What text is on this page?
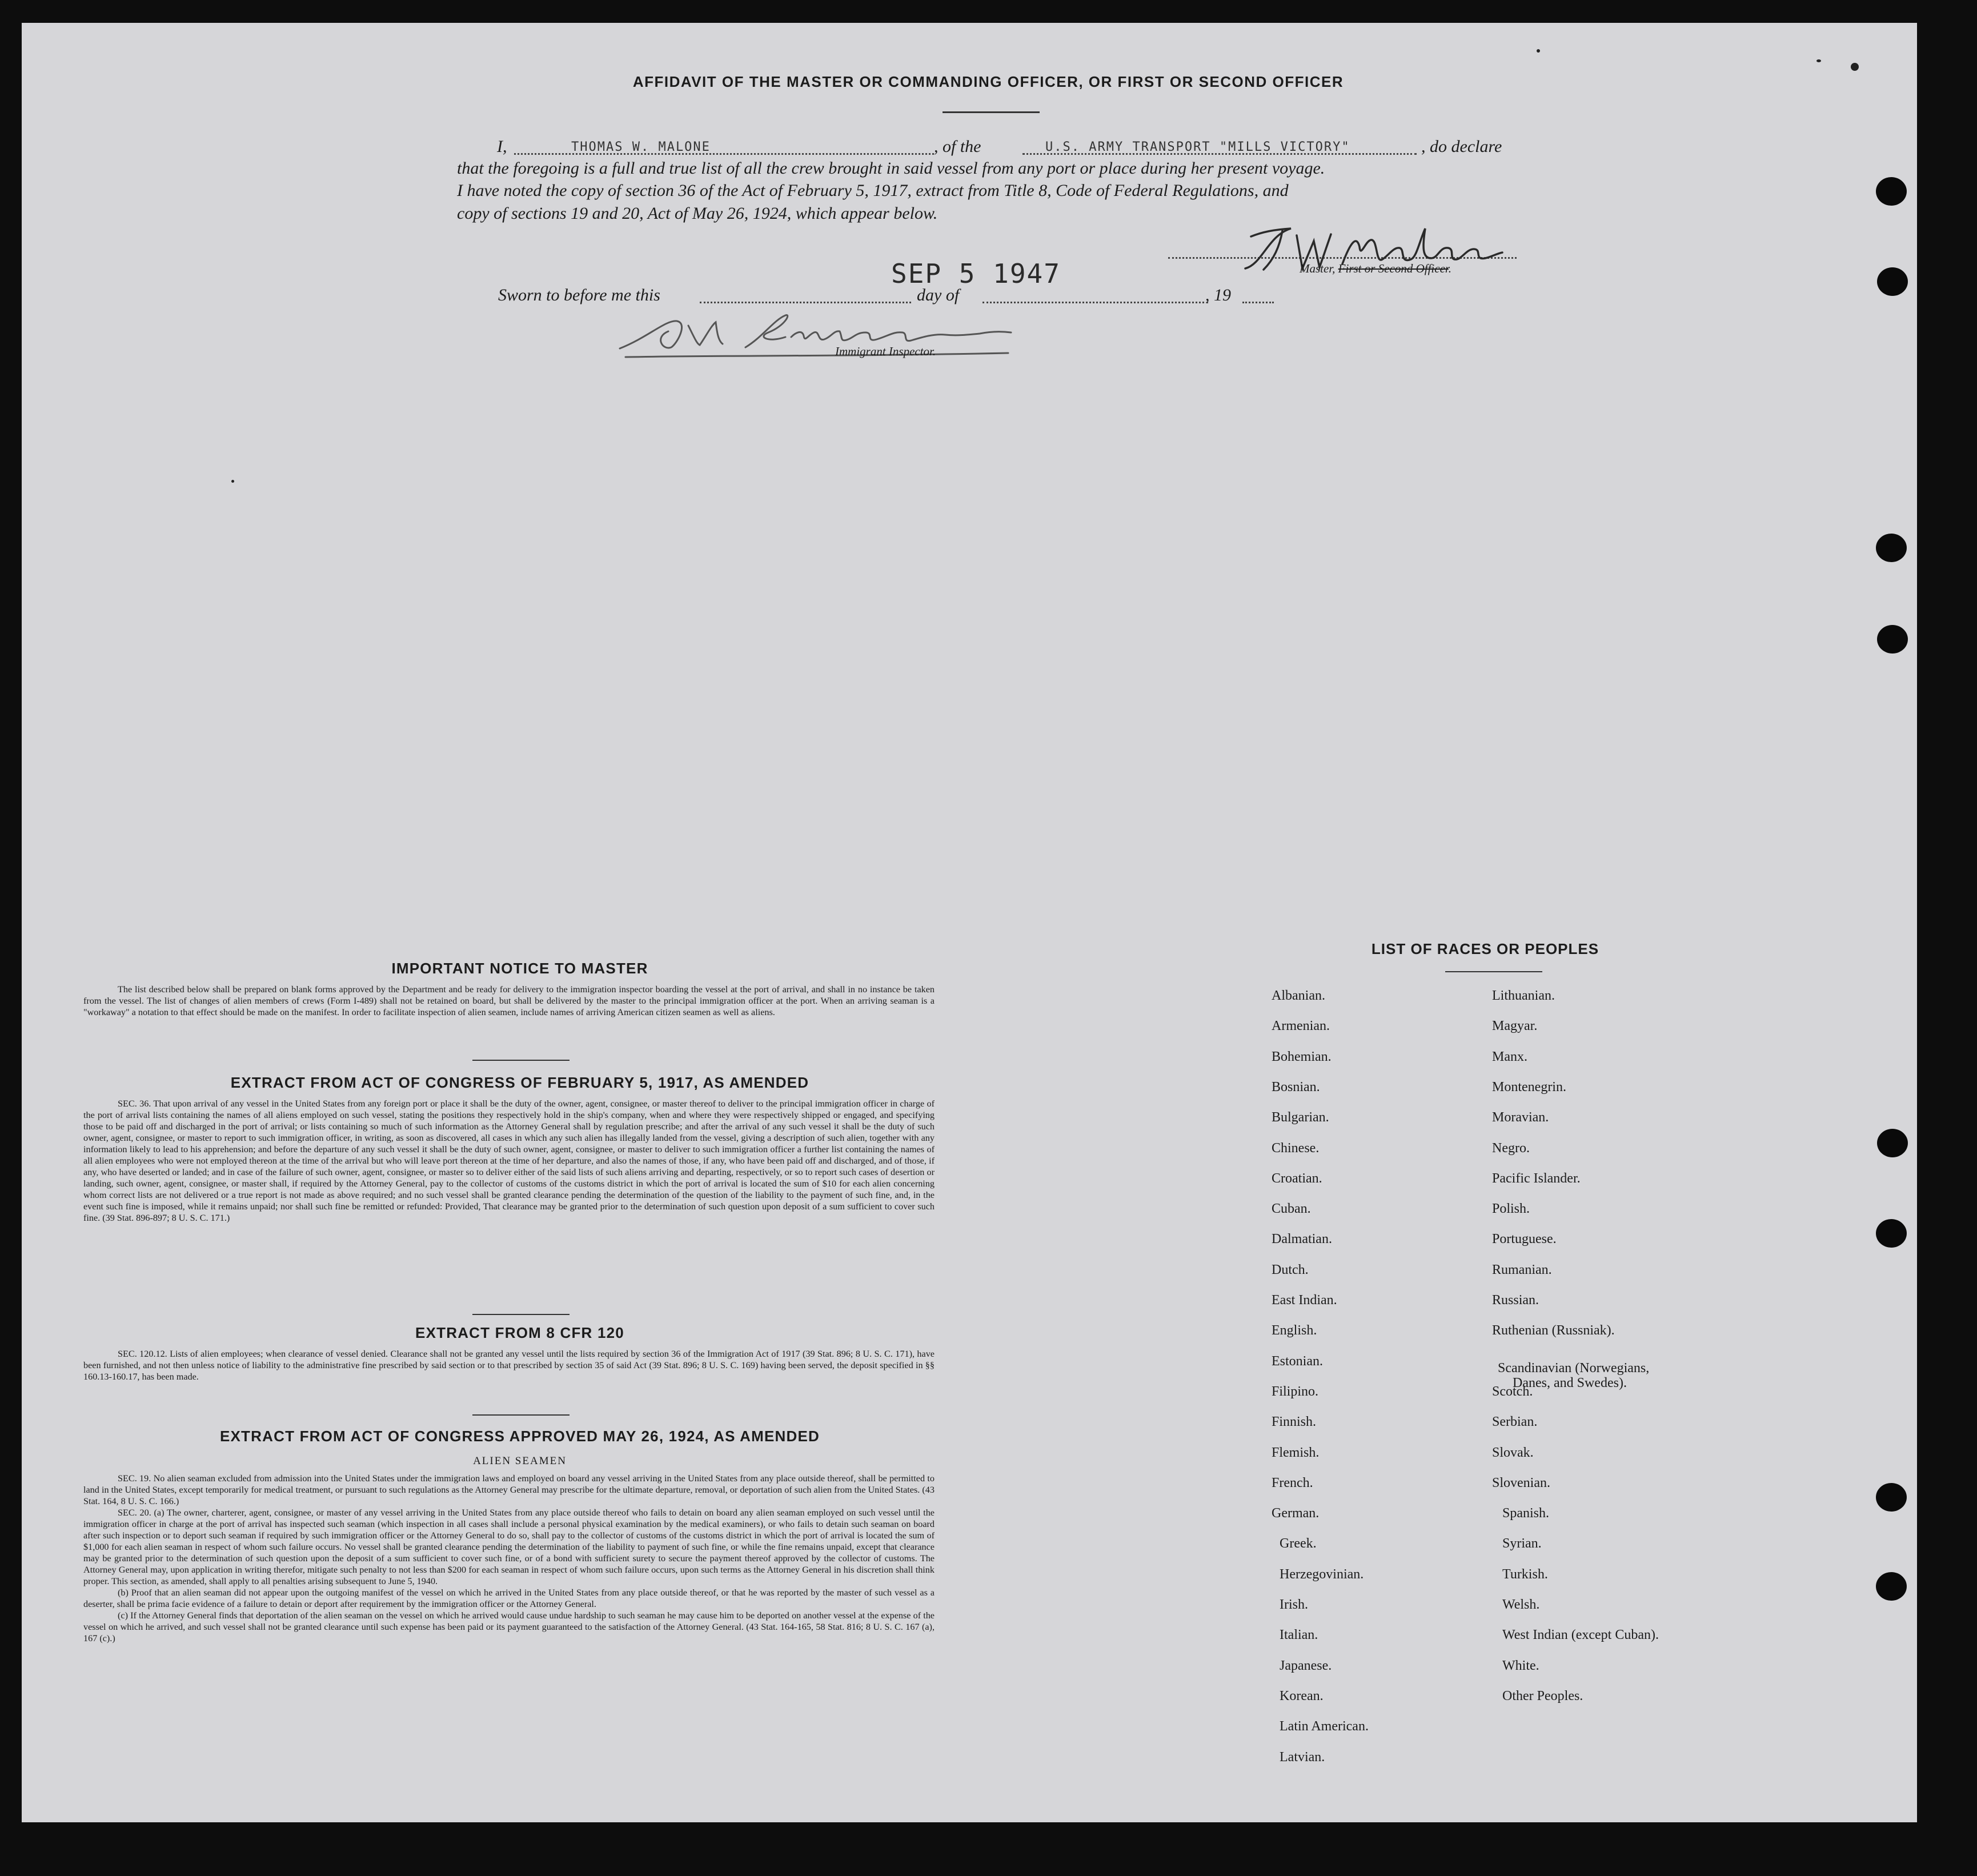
AFFIDAVIT OF THE MASTER OR COMMANDING OFFICER, OR FIRST OR SECOND OFFICER
I,	, of the	, do declare
THOMAS W. MALONE	U.S. ARMY TRANSPORT "MILLS VICTORY"
that the foregoing is a full and true list of all the crew brought in said vessel from any port or place during her present voyage.
I have noted the copy of section 36 of the Act of February 5, 1917, extract from Title 8, Code of Federal Regulations, and
copy of sections 19 and 20, Act of May 26, 1924, which appear below.
Master, First or Second Officer.
Sworn to before me this	day of	, 19
SEP 5 1947
Immigrant Inspector.
IMPORTANT NOTICE TO MASTER

The list described below shall be prepared on blank forms approved by the Department and be ready for delivery to the immigration inspector boarding the vessel at the port of arrival, and shall in no instance be taken from the vessel. The list of changes of alien members of crews (Form I-489) shall not be retained on board, but shall be delivered by the master to the principal immigration officer at the port. When an arriving seaman is a "workaway" a notation to that effect should be made on the manifest. In order to facilitate inspection of alien seamen, include names of arriving American citizen seamen as well as aliens.

EXTRACT FROM ACT OF CONGRESS OF FEBRUARY 5, 1917, AS AMENDED

SEC. 36. That upon arrival of any vessel in the United States from any foreign port or place it shall be the duty of the owner, agent, consignee, or master thereof to deliver to the principal immigration officer in charge of the port of arrival lists containing the names of all aliens employed on such vessel, stating the positions they respectively hold in the ship's company, when and where they were respectively shipped or engaged, and specifying those to be paid off and discharged in the port of arrival; or lists containing so much of such information as the Attorney General shall by regulation prescribe; and after the arrival of any such vessel it shall be the duty of such owner, agent, consignee, or master to report to such immigration officer, in writing, as soon as discovered, all cases in which any such alien has illegally landed from the vessel, giving a description of such alien, together with any information likely to lead to his apprehension; and before the departure of any such vessel it shall be the duty of such owner, agent, consignee, or master to deliver to such immigration officer a further list containing the names of all alien employees who were not employed thereon at the time of the arrival but who will leave port thereon at the time of her departure, and also the names of those, if any, who have been paid off and discharged, and of those, if any, who have deserted or landed; and in case of the failure of such owner, agent, consignee, or master so to deliver either of the said lists of such aliens arriving and departing, respectively, or so to report such cases of desertion or landing, such owner, agent, consignee, or master shall, if required by the Attorney General, pay to the collector of customs of the customs district in which the port of arrival is located the sum of $10 for each alien concerning whom correct lists are not delivered or a true report is not made as above required; and no such vessel shall be granted clearance pending the determination of the question of the liability to the payment of such fine, and, in the event such fine is imposed, while it remains unpaid; nor shall such fine be remitted or refunded: Provided, That clearance may be granted prior to the determination of such question upon deposit of a sum sufficient to cover such fine. (39 Stat. 896-897; 8 U. S. C. 171.)

EXTRACT FROM 8 CFR 120

SEC. 120.12. Lists of alien employees; when clearance of vessel denied. Clearance shall not be granted any vessel until the lists required by section 36 of the Immigration Act of 1917 (39 Stat. 896; 8 U. S. C. 171), have been furnished, and not then unless notice of liability to the administrative fine prescribed by said section or to that prescribed by section 35 of said Act (39 Stat. 896; 8 U. S. C. 169) having been served, the deposit specified in §§ 160.13-160.17, has been made.

EXTRACT FROM ACT OF CONGRESS APPROVED MAY 26, 1924, AS AMENDED
ALIEN SEAMEN

SEC. 19. No alien seaman excluded from admission into the United States under the immigration laws and employed on board any vessel arriving in the United States from any place outside thereof, shall be permitted to land in the United States, except temporarily for medical treatment, or pursuant to such regulations as the Attorney General may prescribe for the ultimate departure, removal, or deportation of such alien from the United States. (43 Stat. 164, 8 U. S. C. 166.)

SEC. 20. (a) The owner, charterer, agent, consignee, or master of any vessel arriving in the United States from any place outside thereof who fails to detain on board any alien seaman employed on such vessel until the immigration officer in charge at the port of arrival has inspected such seaman (which inspection in all cases shall include a personal physical examination by the medical examiners), or who fails to detain such seaman on board after such inspection or to deport such seaman if required by such immigration officer or the Attorney General to do so, shall pay to the collector of customs of the customs district in which the port of arrival is located the sum of $1,000 for each alien seaman in respect of whom such failure occurs. No vessel shall be granted clearance pending the determination of the liability to payment of such fine, or while the fine remains unpaid, except that clearance may be granted prior to the determination of such question upon the deposit of a sum sufficient to cover such fine, or of a bond with sufficient surety to secure the payment thereof approved by the collector of customs. The Attorney General may, upon application in writing therefor, mitigate such penalty to not less than $200 for each seaman in respect of whom such failure occurs, upon such terms as the Attorney General in his discretion shall think proper. This section, as amended, shall apply to all penalties arising subsequent to June 5, 1940.

(b) Proof that an alien seaman did not appear upon the outgoing manifest of the vessel on which he arrived in the United States from any place outside thereof, or that he was reported by the master of such vessel as a deserter, shall be prima facie evidence of a failure to detain or deport after requirement by the immigration officer or the Attorney General.

(c) If the Attorney General finds that deportation of the alien seaman on the vessel on which he arrived would cause undue hardship to such seaman he may cause him to be deported on another vessel at the expense of the vessel on which he arrived, and such vessel shall not be granted clearance until such expense has been paid or its payment guaranteed to the satisfaction of the Attorney General. (43 Stat. 164-165, 58 Stat. 816; 8 U. S. C. 167 (a), 167 (c).)

LIST OF RACES OR PEOPLES
Albanian.
Armenian.
Bohemian.
Bosnian.
Bulgarian.
Chinese.
Croatian.
Cuban.
Dalmatian.
Dutch.
East Indian.
English.
Estonian.
Filipino.
Finnish.
Flemish.
French.
German.
Greek.
Herzegovinian.
Irish.
Italian.
Japanese.
Korean.
Latin American.
Latvian.
Lithuanian.
Magyar.
Manx.
Montenegrin.
Moravian.
Negro.
Pacific Islander.
Polish.
Portuguese.
Rumanian.
Russian.
Ruthenian (Russniak).
Scandinavian (Norwegians,
Danes, and Swedes).
Scotch.
Serbian.
Slovak.
Slovenian.
Spanish.
Syrian.
Turkish.
Welsh.
West Indian (except Cuban).
White.
Other Peoples.
